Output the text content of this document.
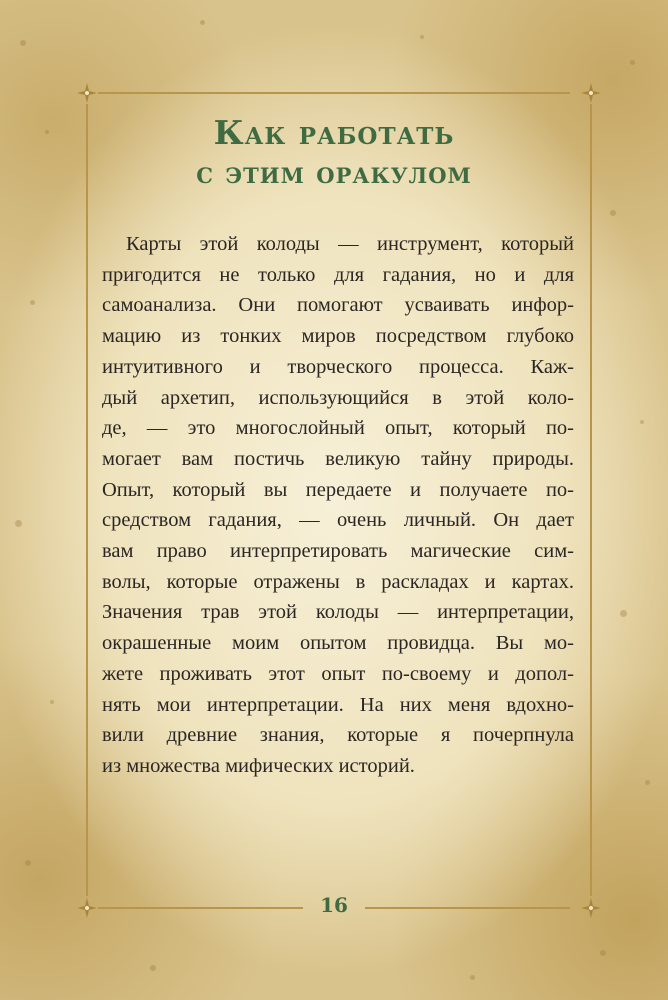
Как работать
с этим оракулом
Карты этой колоды — инструмент, который
пригодится не только для гадания, но и для
самоанализа. Они помогают усваивать инфор-
мацию из тонких миров посредством глубоко
интуитивного и творческого процесса. Каж-
дый архетип, использующийся в этой коло-
де, — это многослойный опыт, который по-
могает вам постичь великую тайну природы.
Опыт, который вы передаете и получаете по-
средством гадания, — очень личный. Он дает
вам право интерпретировать магические сим-
волы, которые отражены в раскладах и картах.
Значения трав этой колоды — интерпретации,
окрашенные моим опытом провидца. Вы мо-
жете проживать этот опыт по-своему и допол-
нять мои интерпретации. На них меня вдохно-
вили древние знания, которые я почерпнула
из множества мифических историй.
16
